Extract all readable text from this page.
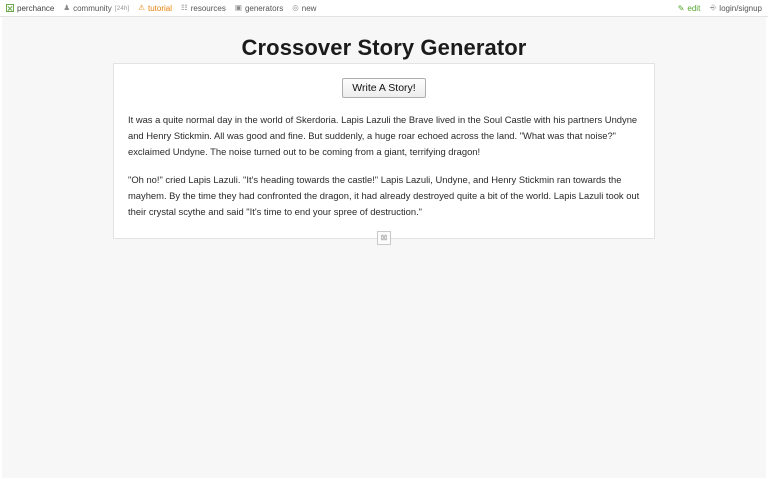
perchance ♟ community [24h] ⚠ tutorial ☷ resources ▣ generators ◎ new	✎ edit ⎆ login/signup
Crossover Story Generator
Write A Story!

It was a quite normal day in the world of Skerdoria. Lapis Lazuli the Brave lived in the Soul Castle with his partners Undyne and Henry Stickmin. All was good and fine. But suddenly, a huge roar echoed across the land. "What was that noise?" exclaimed Undyne. The noise turned out to be coming from a giant, terrifying dragon!

"Oh no!" cried Lapis Lazuli. "It's heading towards the castle!" Lapis Lazuli, Undyne, and Henry Stickmin ran towards the mayhem. By the time they had confronted the dragon, it had already destroyed quite a bit of the world. Lapis Lazuli took out their crystal scythe and said "It's time to end your spree of destruction."

⊠
